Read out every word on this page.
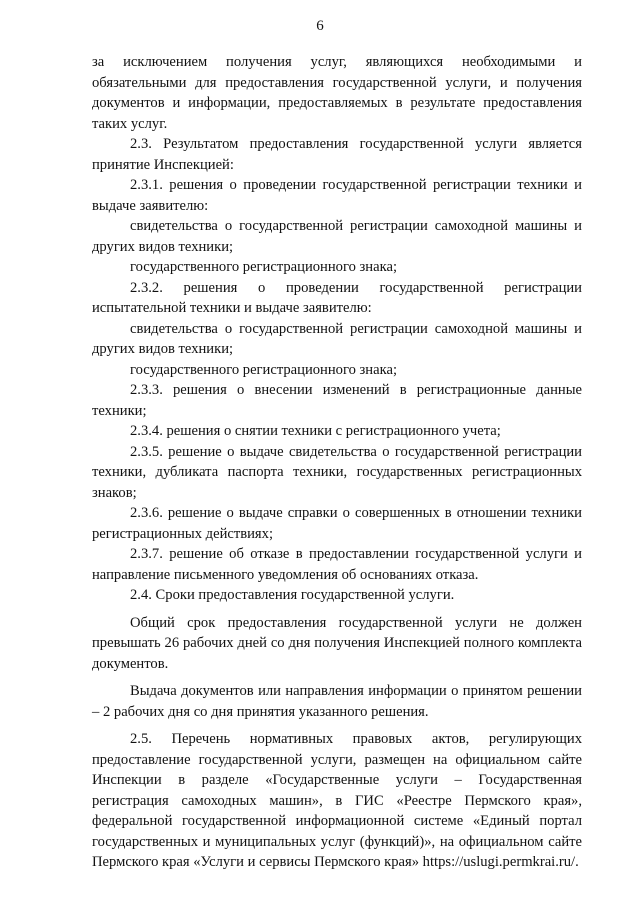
6

за исключением получения услуг, являющихся необходимыми и обязательными для предоставления государственной услуги, и получения документов и информации, предоставляемых в результате предоставления таких услуг.

2.3. Результатом предоставления государственной услуги является принятие Инспекцией:

2.3.1. решения о проведении государственной регистрации техники и выдаче заявителю:

свидетельства о государственной регистрации самоходной машины и других видов техники;

государственного регистрационного знака;

2.3.2. решения о проведении государственной регистрации испытательной техники и выдаче заявителю:

свидетельства о государственной регистрации самоходной машины и других видов техники;

государственного регистрационного знака;

2.3.3. решения о внесении изменений в регистрационные данные техники;

2.3.4. решения о снятии техники с регистрационного учета;

2.3.5. решение о выдаче свидетельства о государственной регистрации техники, дубликата паспорта техники, государственных регистрационных знаков;

2.3.6. решение о выдаче справки о совершенных в отношении техники регистрационных действиях;

2.3.7. решение об отказе в предоставлении государственной услуги и направление письменного уведомления об основаниях отказа.

2.4. Сроки предоставления государственной услуги.

Общий срок предоставления государственной услуги не должен превышать 26 рабочих дней со дня получения Инспекцией полного комплекта документов.

Выдача документов или направления информации о принятом решении – 2 рабочих дня со дня принятия указанного решения.

2.5. Перечень нормативных правовых актов, регулирующих предоставление государственной услуги, размещен на официальном сайте Инспекции в разделе «Государственные услуги – Государственная регистрация самоходных машин», в ГИС «Реестре Пермского края», федеральной государственной информационной системе «Единый портал государственных и муниципальных услуг (функций)», на официальном сайте Пермского края «Услуги и сервисы Пермского края» https://uslugi.permkrai.ru/.
